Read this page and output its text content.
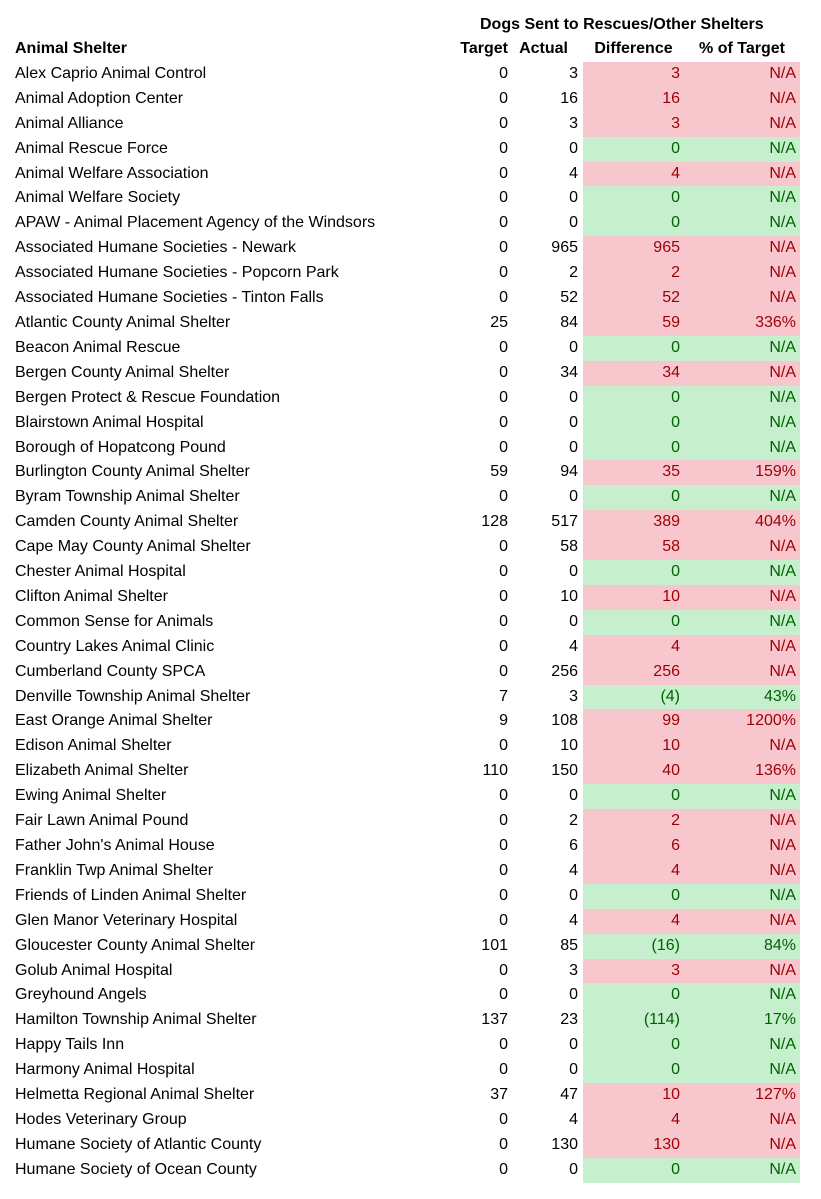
Dogs Sent to Rescues/Other Shelters
Animal Shelter	Target	Actual	Difference	% of Target
Alex Caprio Animal Control	0	3	3	N/A
Animal Adoption Center	0	16	16	N/A
Animal Alliance	0	3	3	N/A
Animal Rescue Force	0	0	0	N/A
Animal Welfare Association	0	4	4	N/A
Animal Welfare Society	0	0	0	N/A
APAW - Animal Placement Agency of the Windsors	0	0	0	N/A
Associated Humane Societies - Newark	0	965	965	N/A
Associated Humane Societies - Popcorn Park	0	2	2	N/A
Associated Humane Societies - Tinton Falls	0	52	52	N/A
Atlantic County Animal Shelter	25	84	59	336%
Beacon Animal Rescue	0	0	0	N/A
Bergen County Animal Shelter	0	34	34	N/A
Bergen Protect & Rescue Foundation	0	0	0	N/A
Blairstown Animal Hospital	0	0	0	N/A
Borough of Hopatcong Pound	0	0	0	N/A
Burlington County Animal Shelter	59	94	35	159%
Byram Township Animal Shelter	0	0	0	N/A
Camden County Animal Shelter	128	517	389	404%
Cape May County Animal Shelter	0	58	58	N/A
Chester Animal Hospital	0	0	0	N/A
Clifton Animal Shelter	0	10	10	N/A
Common Sense for Animals	0	0	0	N/A
Country Lakes Animal Clinic	0	4	4	N/A
Cumberland County SPCA	0	256	256	N/A
Denville Township Animal Shelter	7	3	(4)	43%
East Orange Animal Shelter	9	108	99	1200%
Edison Animal Shelter	0	10	10	N/A
Elizabeth Animal Shelter	110	150	40	136%
Ewing Animal Shelter	0	0	0	N/A
Fair Lawn Animal Pound	0	2	2	N/A
Father John's Animal House	0	6	6	N/A
Franklin Twp Animal Shelter	0	4	4	N/A
Friends of Linden Animal Shelter	0	0	0	N/A
Glen Manor Veterinary Hospital	0	4	4	N/A
Gloucester County Animal Shelter	101	85	(16)	84%
Golub Animal Hospital	0	3	3	N/A
Greyhound Angels	0	0	0	N/A
Hamilton Township Animal Shelter	137	23	(114)	17%
Happy Tails Inn	0	0	0	N/A
Harmony Animal Hospital	0	0	0	N/A
Helmetta Regional Animal Shelter	37	47	10	127%
Hodes Veterinary Group	0	4	4	N/A
Humane Society of Atlantic County	0	130	130	N/A
Humane Society of Ocean County	0	0	0	N/A
